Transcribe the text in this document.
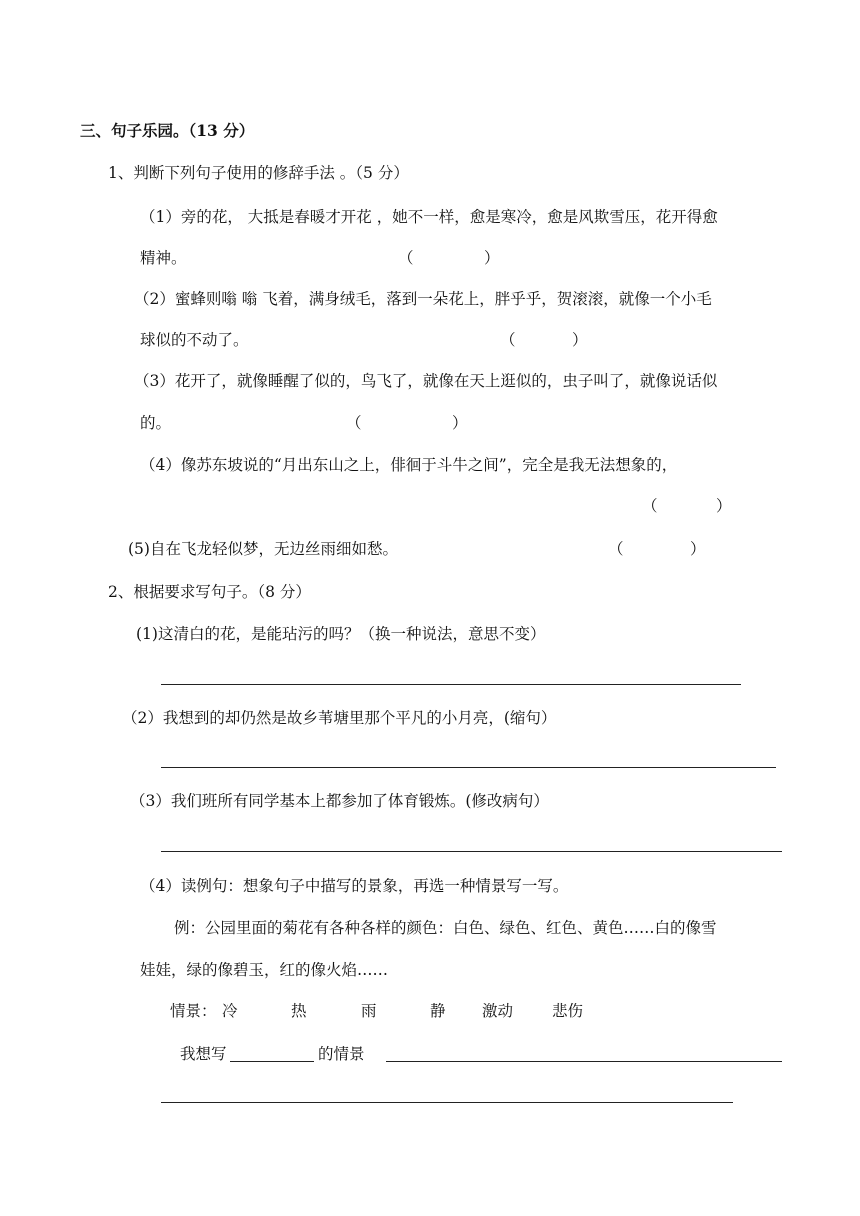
三、句子乐园。（13 分）
1、判断下列句子使用的修辞手法 。（5 分）
（1）旁的花， 大抵是春暖才开花 ，她不一样，愈是寒冷，愈是风欺雪压，花开得愈
精神。	（	）
（2）蜜蜂则嗡 嗡 飞着，满身绒毛，落到一朵花上，胖乎乎，贺滚滚，就像一个小毛
球似的不动了。	（	）
（3）花开了，就像睡醒了似的，鸟飞了，就像在天上逛似的，虫子叫了，就像说话似
的。	（	）
（4）像苏东坡说的“月出东山之上，俳徊于斗牛之间”，完全是我无法想象的，
（	）
(5)自在飞龙轻似梦，无边丝雨细如愁。	（	）
2、根据要求写句子。（8 分）
(1)这清白的花，是能玷污的吗？（换一种说法，意思不变）
（2）我想到的却仍然是故乡苇塘里那个平凡的小月亮，(缩句）
（3）我们班所有同学基本上都参加了体育锻炼。(修改病句）
（4）读例句：想象句子中描写的景象，再选一种情景写一写。
例：公园里面的菊花有各种各样的颜色：白色、绿色、红色、黄色……白的像雪
娃娃，绿的像碧玉，红的像火焰……
情景： 冷	热	雨	静 激动	悲伤
我想写	的情景
